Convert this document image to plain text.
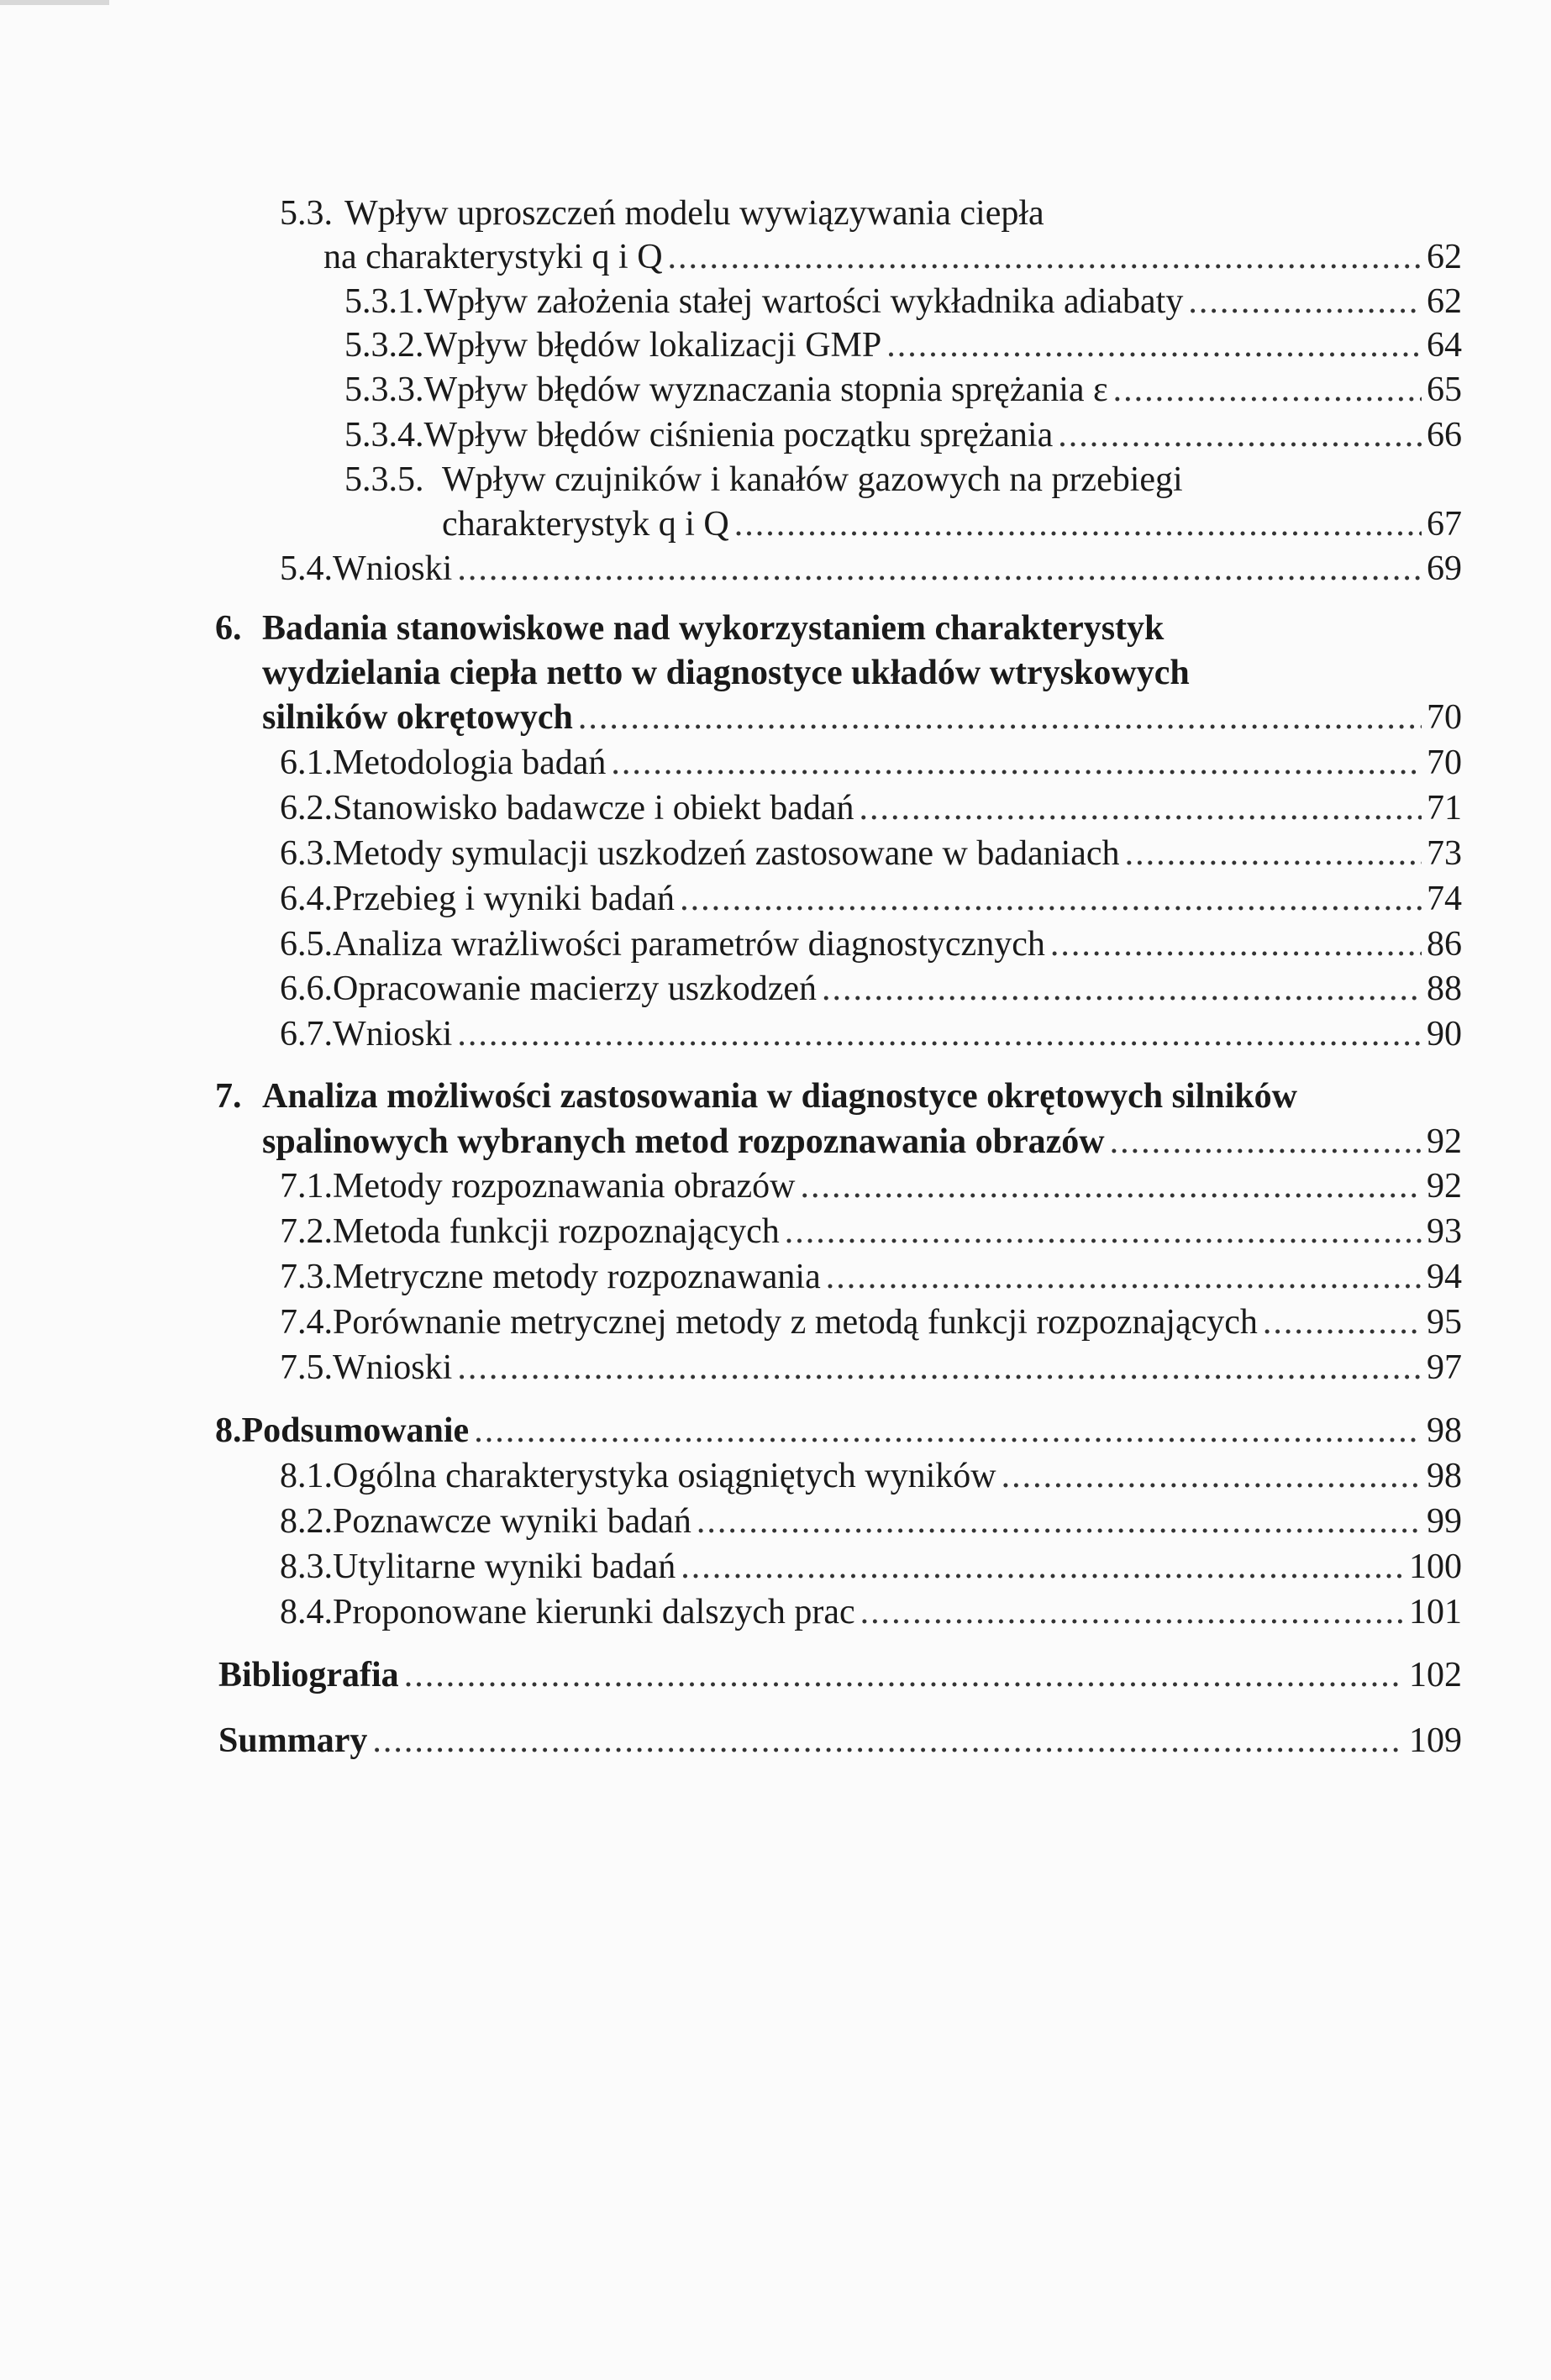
5.3. Wpływ uproszczeń modelu wywiązywania ciepła
na charakterystyki q i Q .....	62
5.3.1. Wpływ założenia stałej wartości wykładnika adiabaty .....	62
5.3.2. Wpływ błędów lokalizacji GMP .....	64
5.3.3. Wpływ błędów wyznaczania stopnia sprężania ε .....	65
5.3.4. Wpływ błędów ciśnienia początku sprężania .....	66
5.3.5. Wpływ czujników i kanałów gazowych na przebiegi
charakterystyk q i Q .....	67
5.4. Wnioski .....	69
6. Badania stanowiskowe nad wykorzystaniem charakterystyk
wydzielania ciepła netto w diagnostyce układów wtryskowych
silników okrętowych .....	70
6.1. Metodologia badań .....	70
6.2. Stanowisko badawcze i obiekt badań .....	71
6.3. Metody symulacji uszkodzeń zastosowane w badaniach .....	73
6.4. Przebieg i wyniki badań .....	74
6.5. Analiza wrażliwości parametrów diagnostycznych .....	86
6.6. Opracowanie macierzy uszkodzeń .....	88
6.7. Wnioski .....	90
7. Analiza możliwości zastosowania w diagnostyce okrętowych silników
spalinowych wybranych metod rozpoznawania obrazów .....	92
7.1. Metody rozpoznawania obrazów .....	92
7.2. Metoda funkcji rozpoznających .....	93
7.3. Metryczne metody rozpoznawania .....	94
7.4. Porównanie metrycznej metody z metodą funkcji rozpoznających .....	95
7.5. Wnioski .....	97
8. Podsumowanie .....	98
8.1. Ogólna charakterystyka osiągniętych wyników .....	98
8.2. Poznawcze wyniki badań .....	99
8.3. Utylitarne wyniki badań .....	100
8.4. Proponowane kierunki dalszych prac .....	101
Bibliografia .....	102
Summary .....	109
